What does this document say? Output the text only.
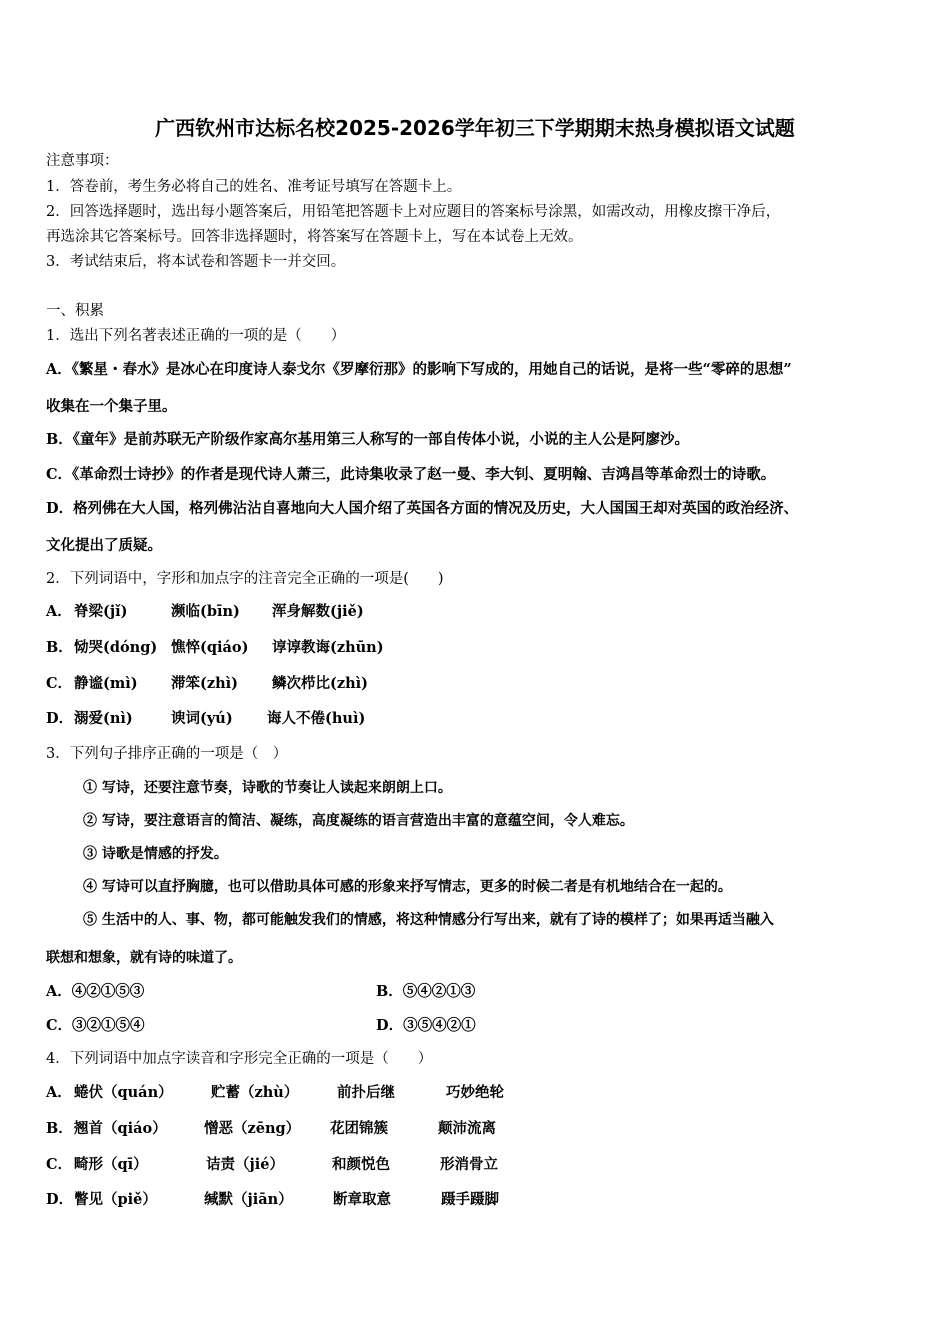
广西钦州市达标名校2025-2026学年初三下学期期末热身模拟语文试题
注意事项：
1．答卷前，考生务必将自己的姓名、准考证号填写在答题卡上。
2．回答选择题时，选出每小题答案后，用铅笔把答题卡上对应题目的答案标号涂黑，如需改动，用橡皮擦干净后，
再选涂其它答案标号。回答非选择题时，将答案写在答题卡上，写在本试卷上无效。
3．考试结束后，将本试卷和答题卡一并交回。
一、积累
1．选出下列名著表述正确的一项的是（　　）
A．《繁星・春水》是冰心在印度诗人泰戈尔《罗摩衍那》的影响下写成的，用她自己的话说，是将一些“零碎的思想”
收集在一个集子里。
B．《童年》是前苏联无产阶级作家高尔基用第三人称写的一部自传体小说，小说的主人公是阿廖沙。
C．《革命烈士诗抄》的作者是现代诗人萧三，此诗集收录了赵一曼、李大钊、夏明翰、吉鸿昌等革命烈士的诗歌。
D．格列佛在大人国，格列佛沾沾自喜地向大人国介绍了英国各方面的情况及历史，大人国国王却对英国的政治经济、
文化提出了质疑。
2．下列词语中，字形和加点字的注音完全正确的一项是(　　)
A． 脊梁(jǐ)	濒临(bīn) 浑身解数(jiě)
B． 恸哭(dóng) 憔悴(qiáo) 谆谆教诲(zhūn)
C． 静谧(mì) 滞笨(zhì) 鳞次栉比(zhì)
D． 溺爱(nì)	谀词(yú) 诲人不倦(huì)
3．下列句子排序正确的一项是（　）
① 写诗，还要注意节奏，诗歌的节奏让人读起来朗朗上口。
② 写诗，要注意语言的简洁、凝练，高度凝练的语言营造出丰富的意蕴空间，令人难忘。
③ 诗歌是情感的抒发。
④ 写诗可以直抒胸臆，也可以借助具体可感的形象来抒写情志，更多的时候二者是有机地结合在一起的。
⑤ 生活中的人、事、物，都可能触发我们的情感，将这种情感分行写出来，就有了诗的模样了；如果再适当融入
联想和想象，就有诗的味道了。
A．④②①⑤③	B．⑤④②①③
C．③②①⑤④	D．③⑤④②①
4．下列词语中加点字读音和字形完全正确的一项是（　　）
A． 蜷伏（quán）	贮蓄（zhù）	前扑后继	巧妙绝轮
B． 翘首（qiáo）	憎恶（zēng） 花团锦簇	颠沛流离
C． 畸形（qī）	诘责（jié）	和颜悦色	形消骨立
D． 瞥见（piě）	缄默（jiān）	断章取意	蹑手蹑脚
